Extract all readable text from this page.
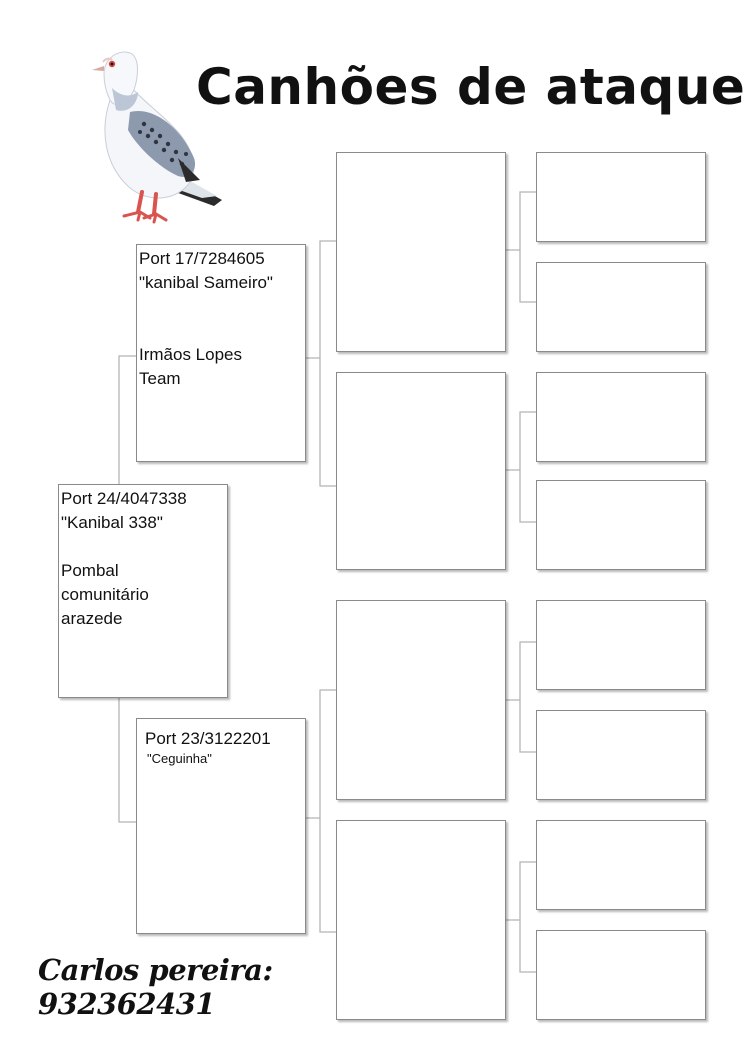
Canhões de ataque
Port 24/4047338
"Kanibal 338"
Pombal
comunitário
arazede
Port 17/7284605
"kanibal Sameiro"
Irmãos Lopes
Team
Port 23/3122201
"Ceguinha"
Carlos pereira:
932362431
